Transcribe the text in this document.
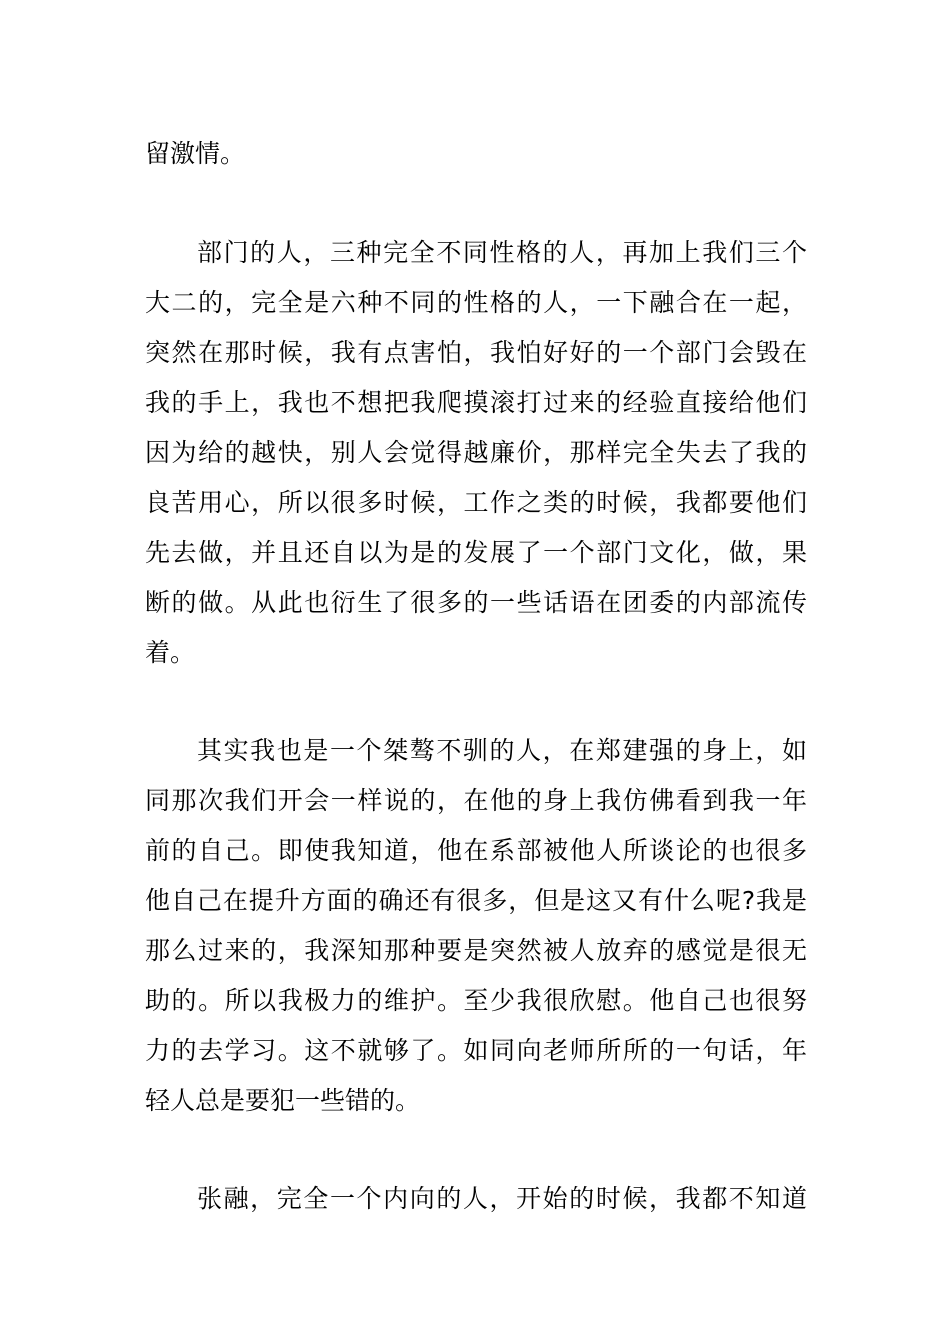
留激情。
部门的人，三种完全不同性格的人，再加上我们三个
大二的，完全是六种不同的性格的人，一下融合在一起，
突然在那时候，我有点害怕，我怕好好的一个部门会毁在
我的手上，我也不想把我爬摸滚打过来的经验直接给他们
因为给的越快，别人会觉得越廉价，那样完全失去了我的
良苦用心，所以很多时候，工作之类的时候，我都要他们
先去做，并且还自以为是的发展了一个部门文化，做，果
断的做。从此也衍生了很多的一些话语在团委的内部流传
着。
其实我也是一个桀骜不驯的人，在郑建强的身上，如
同那次我们开会一样说的，在他的身上我仿佛看到我一年
前的自己。即使我知道，他在系部被他人所谈论的也很多
他自己在提升方面的确还有很多，但是这又有什么呢?我是
那么过来的，我深知那种要是突然被人放弃的感觉是很无
助的。所以我极力的维护。至少我很欣慰。他自己也很努
力的去学习。这不就够了。如同向老师所所的一句话，年
轻人总是要犯一些错的。
张融，完全一个内向的人，开始的时候，我都不知道
